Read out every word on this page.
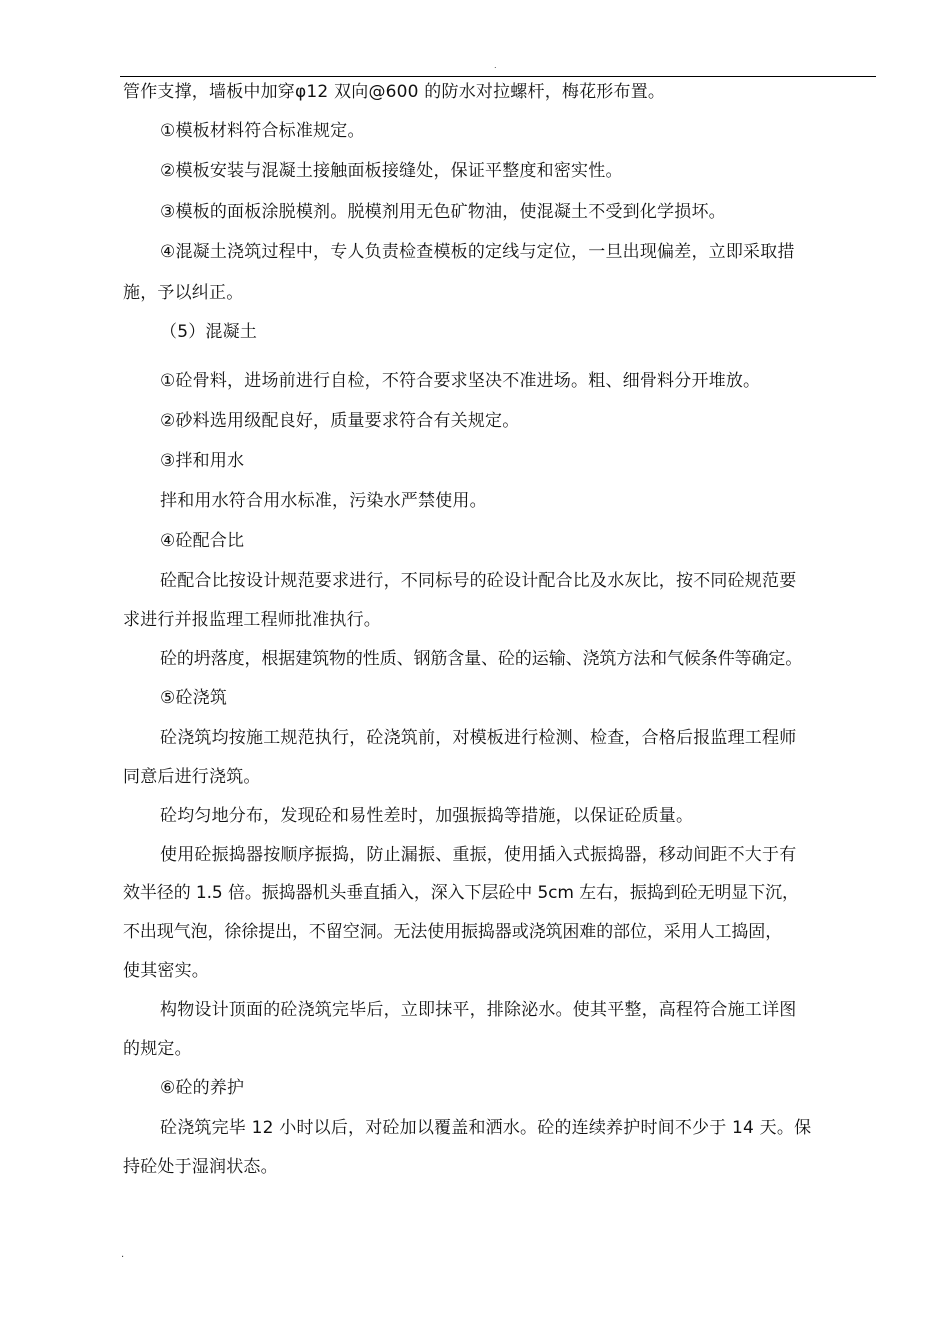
.
管作支撑，墙板中加穿φ12 双向@600 的防水对拉螺杆，梅花形布置。
①模板材料符合标准规定。
②模板安装与混凝土接触面板接缝处，保证平整度和密实性。
③模板的面板涂脱模剂。脱模剂用无色矿物油，使混凝土不受到化学损坏。
④混凝土浇筑过程中，专人负责检查模板的定线与定位，一旦出现偏差，立即采取措
施，予以纠正。
（5）混凝土
①砼骨料，进场前进行自检，不符合要求坚决不准进场。粗、细骨料分开堆放。
②砂料选用级配良好，质量要求符合有关规定。
③拌和用水
拌和用水符合用水标准，污染水严禁使用。
④砼配合比
砼配合比按设计规范要求进行，不同标号的砼设计配合比及水灰比，按不同砼规范要
求进行并报监理工程师批准执行。
砼的坍落度，根据建筑物的性质、钢筋含量、砼的运输、浇筑方法和气候条件等确定。
⑤砼浇筑
砼浇筑均按施工规范执行，砼浇筑前，对模板进行检测、检查，合格后报监理工程师
同意后进行浇筑。
砼均匀地分布，发现砼和易性差时，加强振捣等措施，以保证砼质量。
使用砼振捣器按顺序振捣，防止漏振、重振，使用插入式振捣器，移动间距不大于有
效半径的 1.5 倍。振捣器机头垂直插入，深入下层砼中 5cm 左右，振捣到砼无明显下沉，
不出现气泡，徐徐提出，不留空洞。无法使用振捣器或浇筑困难的部位，采用人工捣固，
使其密实。
构物设计顶面的砼浇筑完毕后，立即抹平，排除泌水。使其平整，高程符合施工详图
的规定。
⑥砼的养护
砼浇筑完毕 12 小时以后，对砼加以覆盖和洒水。砼的连续养护时间不少于 14 天。保
持砼处于湿润状态。
.
